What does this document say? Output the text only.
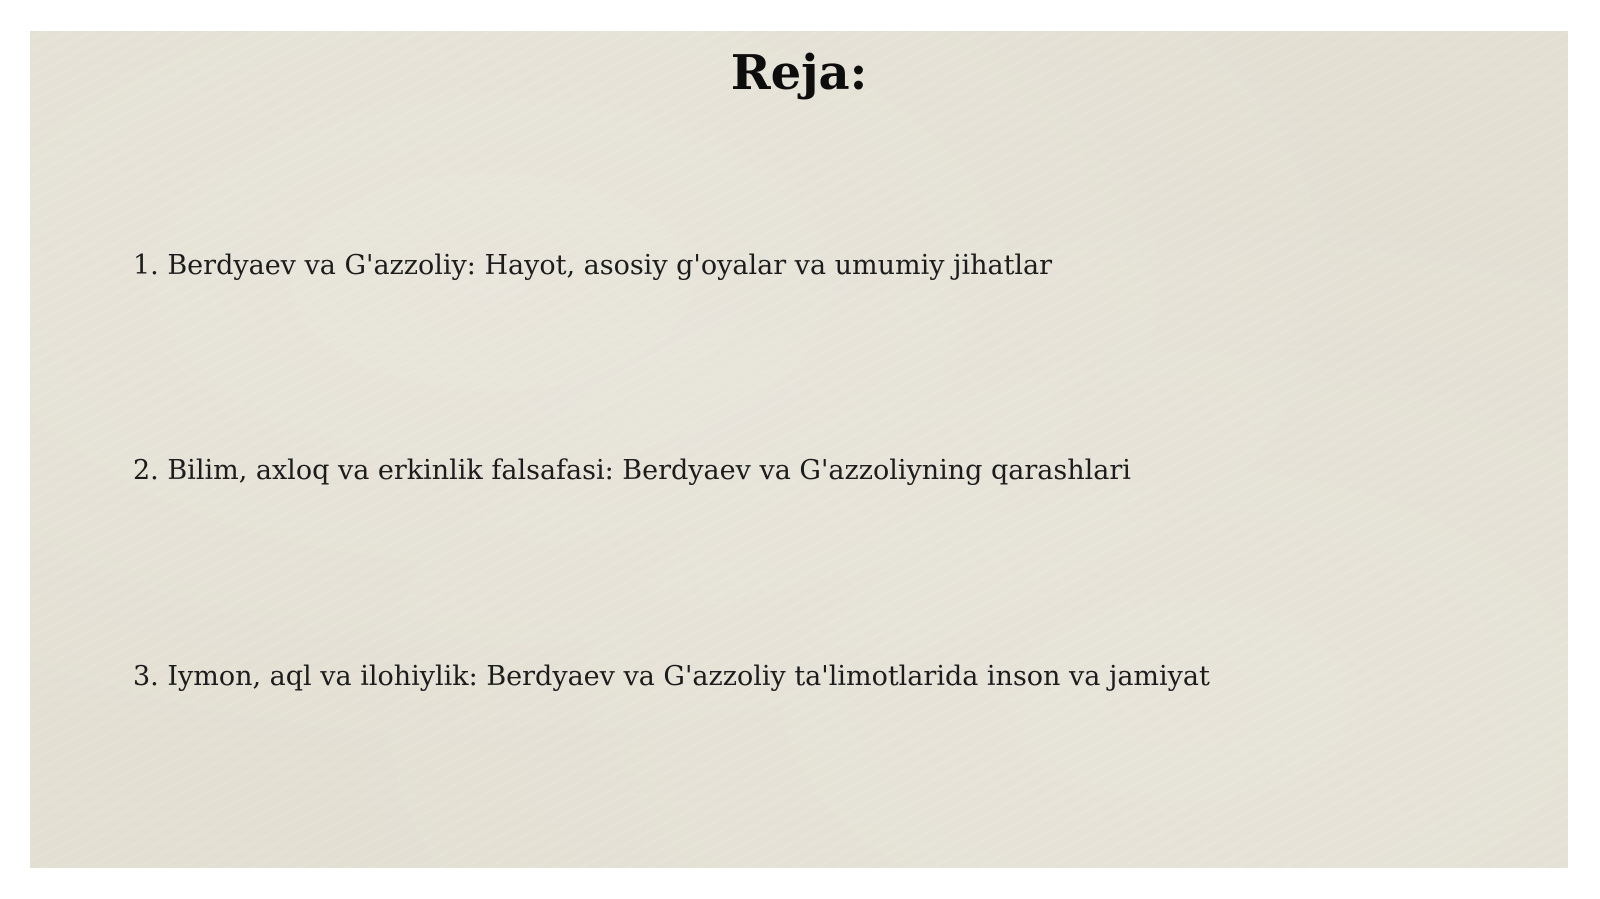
Reja:

1. Berdyaev va G'azzoliy: Hayot, asosiy g'oyalar va umumiy jihatlar

2. Bilim, axloq va erkinlik falsafasi: Berdyaev va G'azzoliyning qarashlari

3. Iymon, aql va ilohiylik: Berdyaev va G'azzoliy ta'limotlarida inson va jamiyat
